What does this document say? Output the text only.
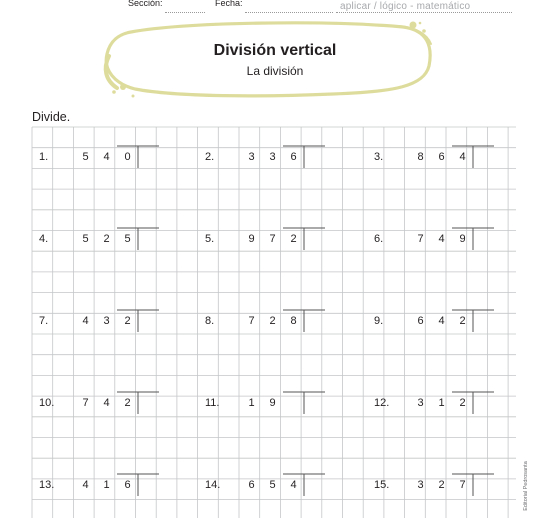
Sección:	Fecha:	aplicar / lógico - matemático
División vertical
La división
Divide.
1.	5	4	0	2.	3	3	6	3.	8	6	4
4.	5	2	5	5.	9	7	2	6.	7	4	9
7.	4	3	2	8.	7	2	8	9.	6	4	2
10.	7	4	2	11.	1	9	12.	3	1	2
13.	4	1	6	14.	6	5	4	15.	3	2	7	Editorial Pedrosanta
